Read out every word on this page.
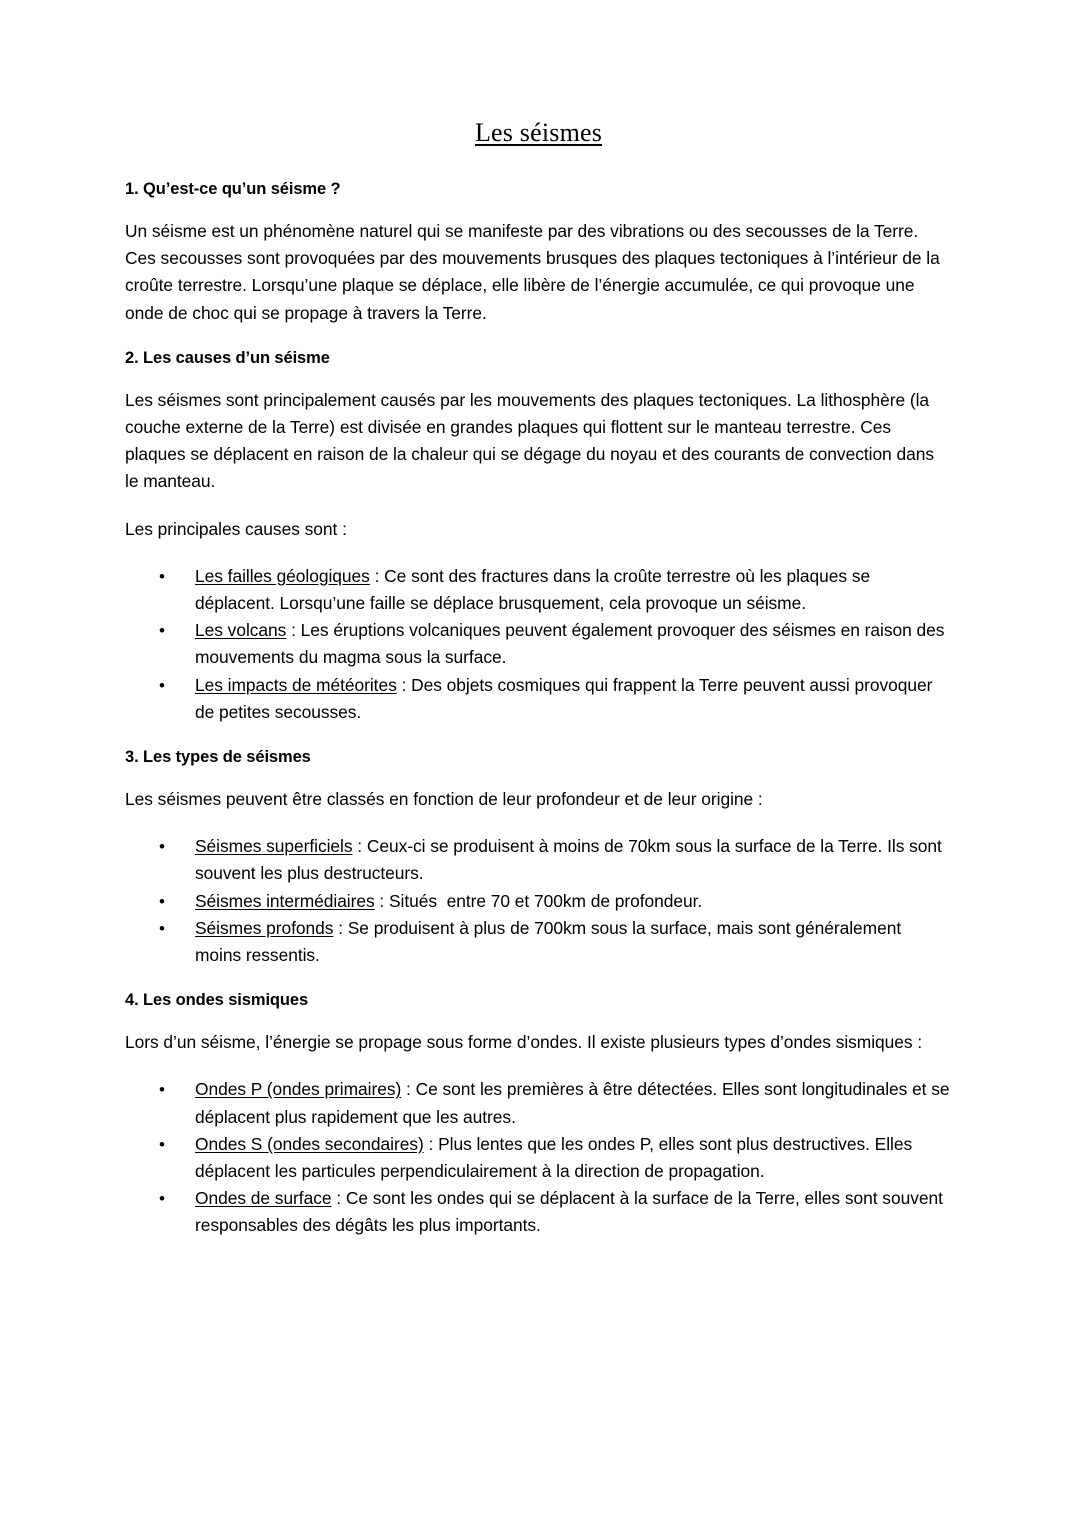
Les séismes
1. Qu’est-ce qu’un séisme ?

Un séisme est un phénomène naturel qui se manifeste par des vibrations ou des secousses de la Terre. Ces secousses sont provoquées par des mouvements brusques des plaques tectoniques à l’intérieur de la croûte terrestre. Lorsqu’une plaque se déplace, elle libère de l’énergie accumulée, ce qui provoque une onde de choc qui se propage à travers la Terre.

2. Les causes d’un séisme

Les séismes sont principalement causés par les mouvements des plaques tectoniques. La lithosphère (la couche externe de la Terre) est divisée en grandes plaques qui flottent sur le manteau terrestre. Ces plaques se déplacent en raison de la chaleur qui se dégage du noyau et des courants de convection dans le manteau.

Les principales causes sont :

• Les failles géologiques : Ce sont des fractures dans la croûte terrestre où les plaques se déplacent. Lorsqu’une faille se déplace brusquement, cela provoque un séisme.
• Les volcans : Les éruptions volcaniques peuvent également provoquer des séismes en raison des mouvements du magma sous la surface.
• Les impacts de météorites : Des objets cosmiques qui frappent la Terre peuvent aussi provoquer de petites secousses.
3. Les types de séismes

Les séismes peuvent être classés en fonction de leur profondeur et de leur origine :

• Séismes superficiels : Ceux-ci se produisent à moins de 70km sous la surface de la Terre. Ils sont souvent les plus destructeurs.
• Séismes intermédiaires : Situés  entre 70 et 700km de profondeur.
• Séismes profonds : Se produisent à plus de 700km sous la surface, mais sont généralement moins ressentis.
4. Les ondes sismiques

Lors d’un séisme, l’énergie se propage sous forme d’ondes. Il existe plusieurs types d’ondes sismiques :

• Ondes P (ondes primaires) : Ce sont les premières à être détectées. Elles sont longitudinales et se déplacent plus rapidement que les autres.
• Ondes S (ondes secondaires) : Plus lentes que les ondes P, elles sont plus destructives. Elles déplacent les particules perpendiculairement à la direction de propagation.
• Ondes de surface : Ce sont les ondes qui se déplacent à la surface de la Terre, elles sont souvent responsables des dégâts les plus importants.
